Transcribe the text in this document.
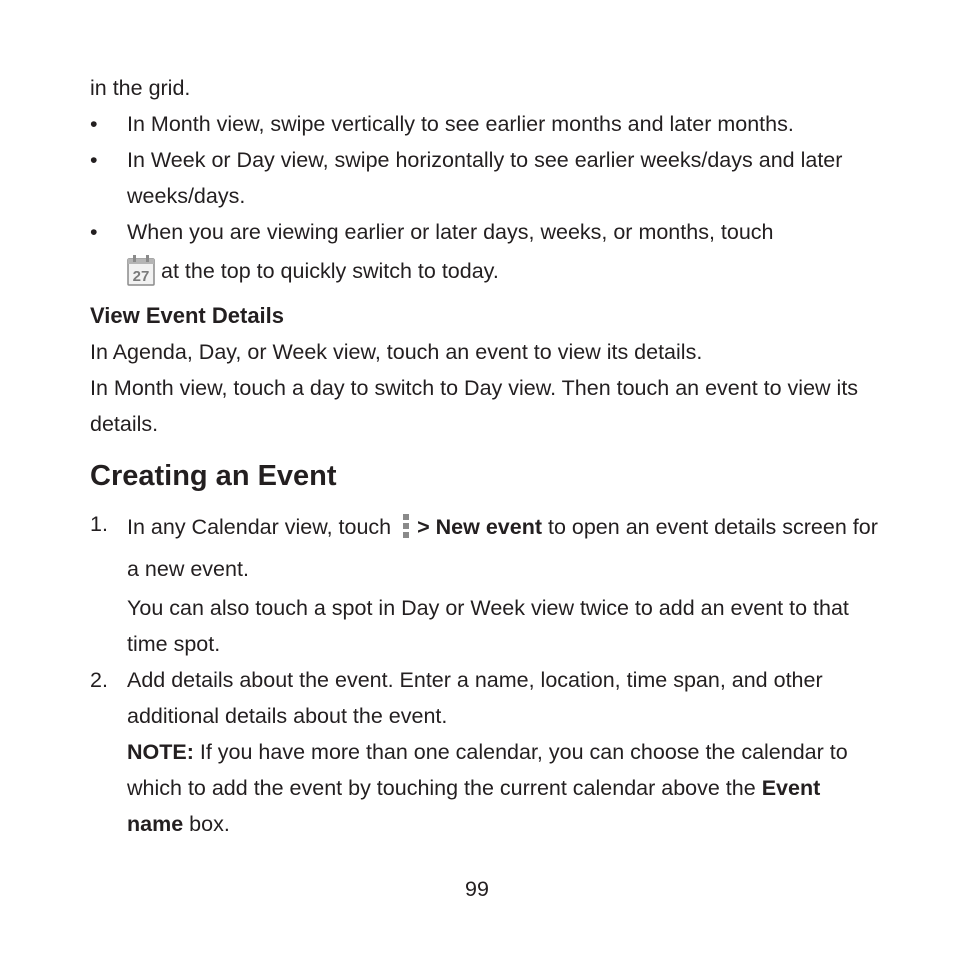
in the grid.

• In Month view, swipe vertically to see earlier months and later months.
• In Week or Day view, swipe horizontally to see earlier weeks/days and later weeks/days.
• When you are viewing earlier or later days, weeks, or months, touch

27 at the top to quickly switch to today.
View Event Details

In Agenda, Day, or Week view, touch an event to view its details.

In Month view, touch a day to switch to Day view. Then touch an event to view its details.

Creating an Event
1. In any Calendar view, touch > New event to open an event details screen for a new event.

You can also touch a spot in Day or Week view twice to add an event to that time spot.

2. Add details about the event. Enter a name, location, time span, and other additional details about the event.

NOTE: If you have more than one calendar, you can choose the calendar to which to add the event by touching the current calendar above the Event name box.

99
